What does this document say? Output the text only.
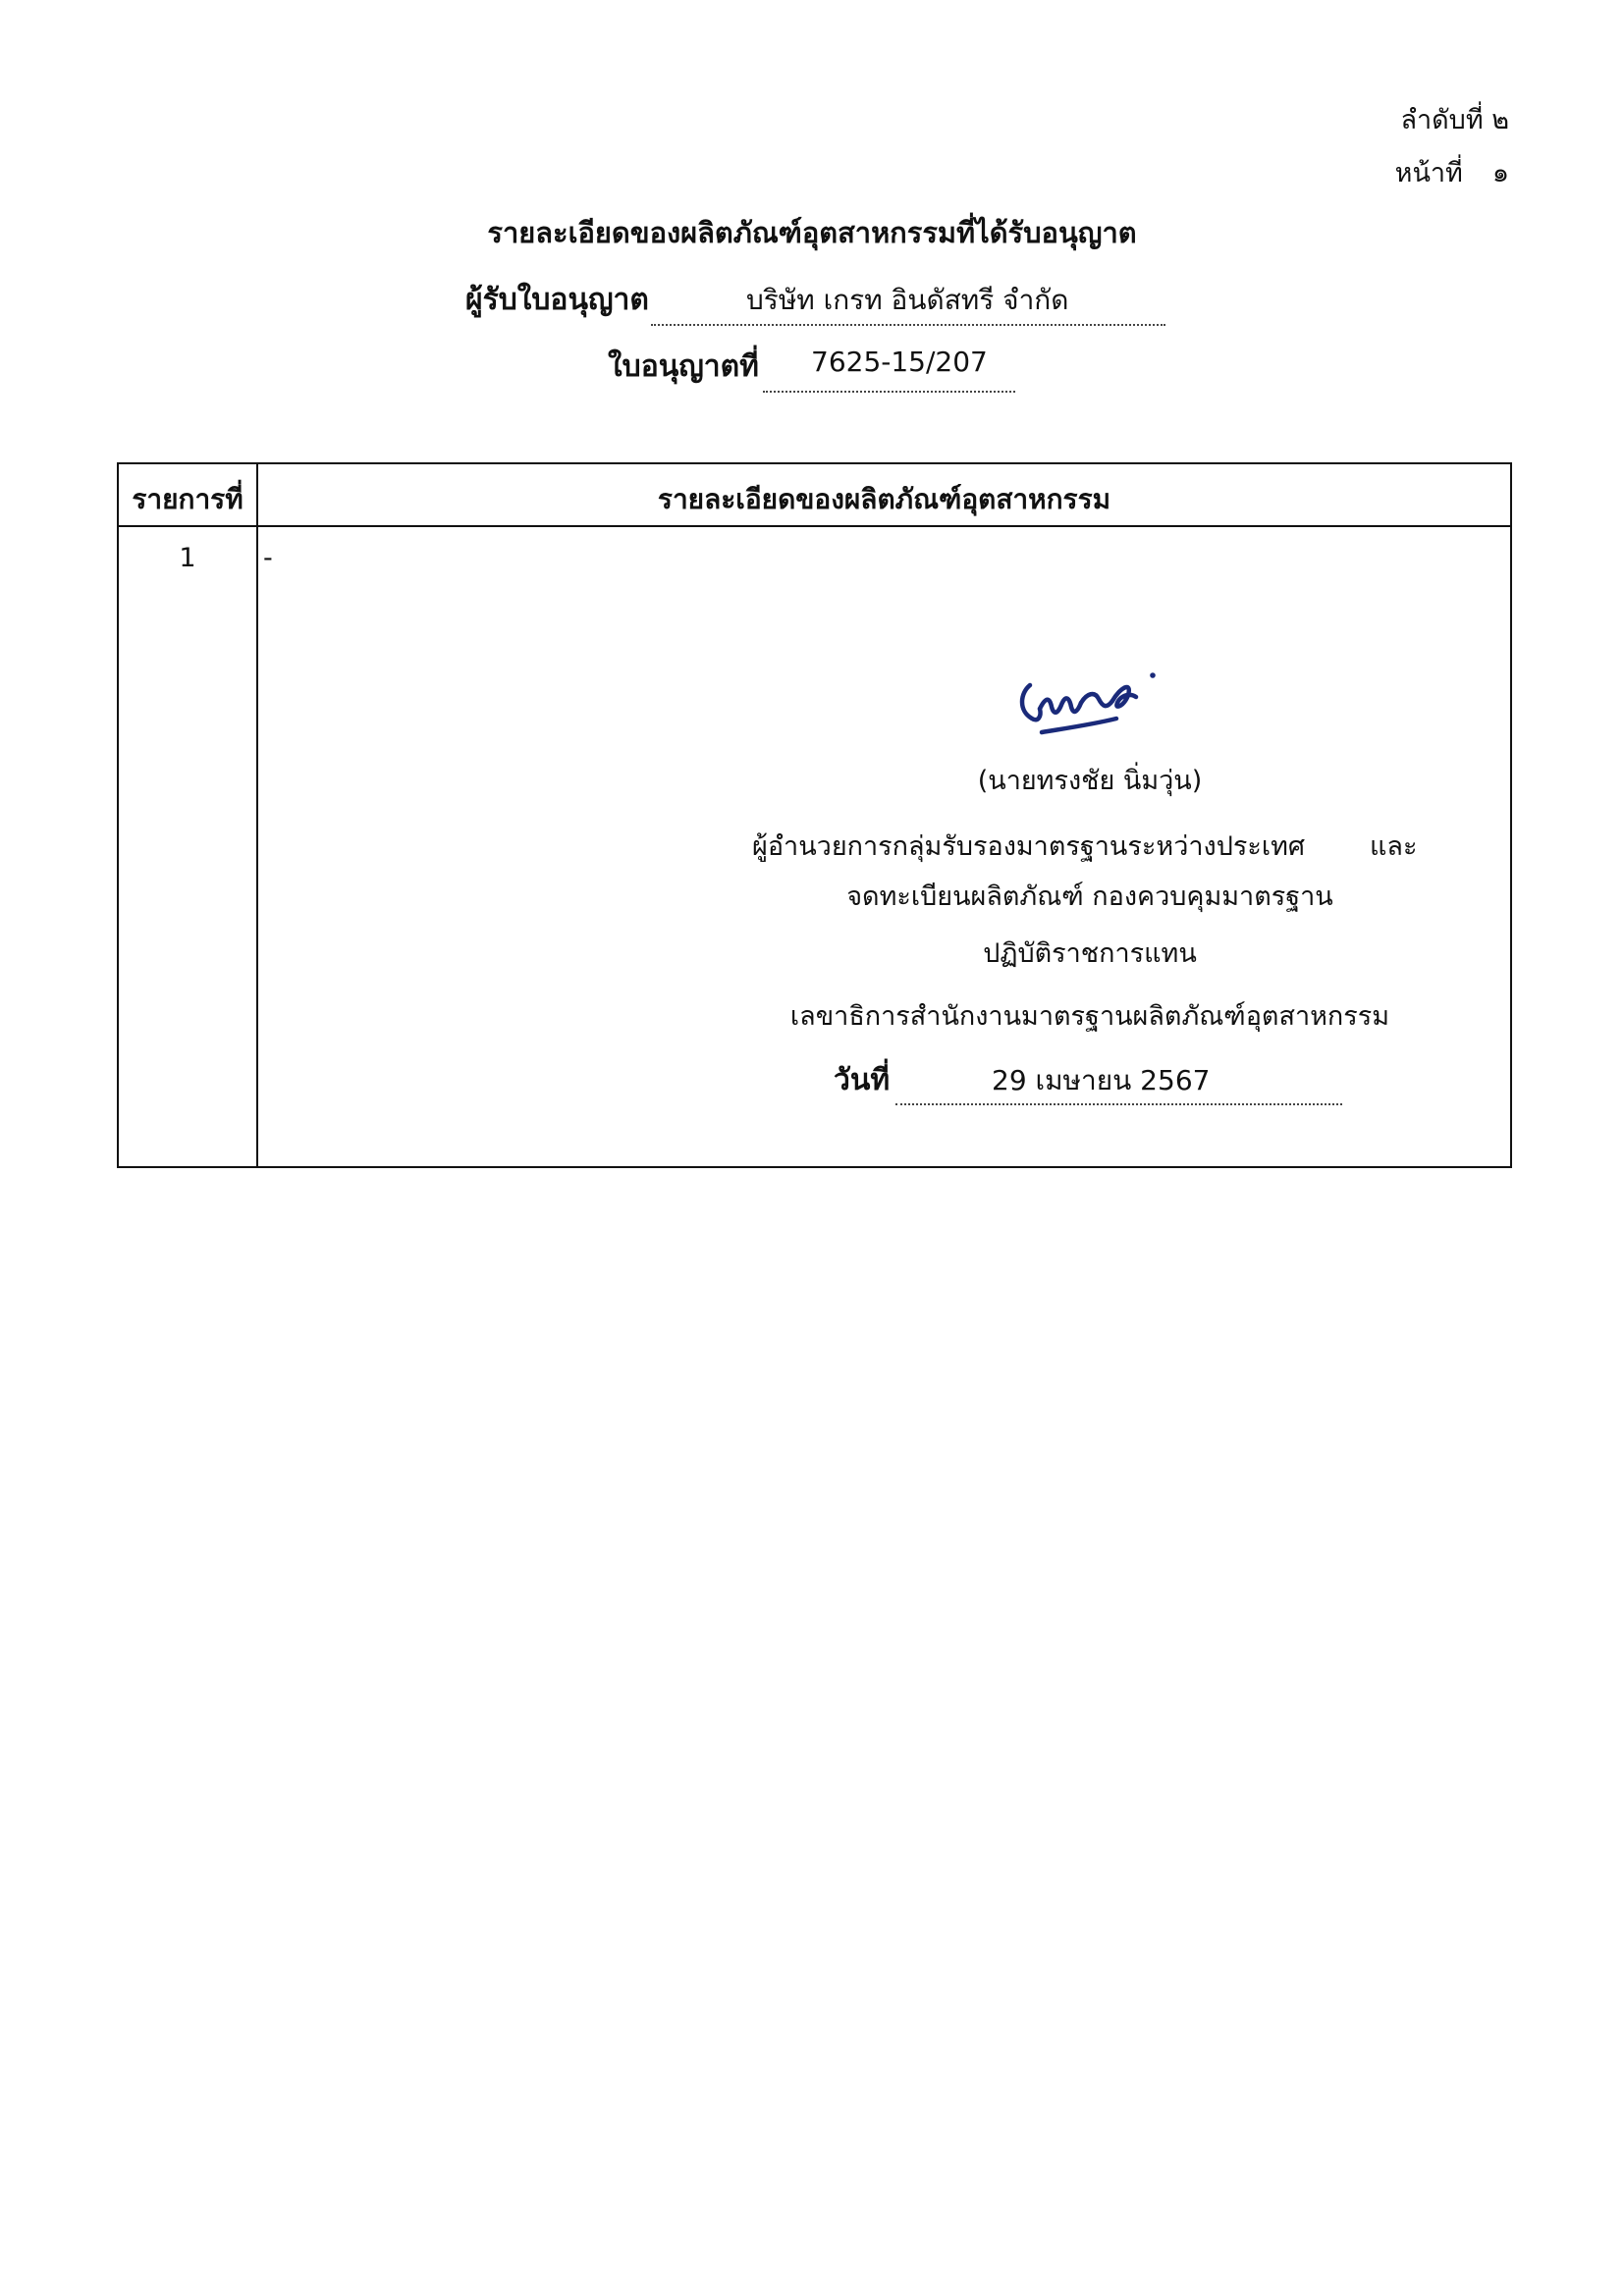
ลำดับที่ ๒
หน้าที่ ๑
รายละเอียดของผลิตภัณฑ์อุตสาหกรรมที่ได้รับอนุญาต
ผู้รับใบอนุญาต	บริษัท เกรท อินดัสทรี จำกัด
ใบอนุญาตที่ 7625-15/207
รายการที่	รายละเอียดของผลิตภัณฑ์อุตสาหกรรม
1	-
(นายทรงชัย นิ่มวุ่น)
ผู้อำนวยการกลุ่มรับรองมาตรฐานระหว่างประเทศ และ
จดทะเบียนผลิตภัณฑ์ กองควบคุมมาตรฐาน
ปฏิบัติราชการแทน
เลขาธิการสำนักงานมาตรฐานผลิตภัณฑ์อุตสาหกรรม
วันที่	29 เมษายน 2567
